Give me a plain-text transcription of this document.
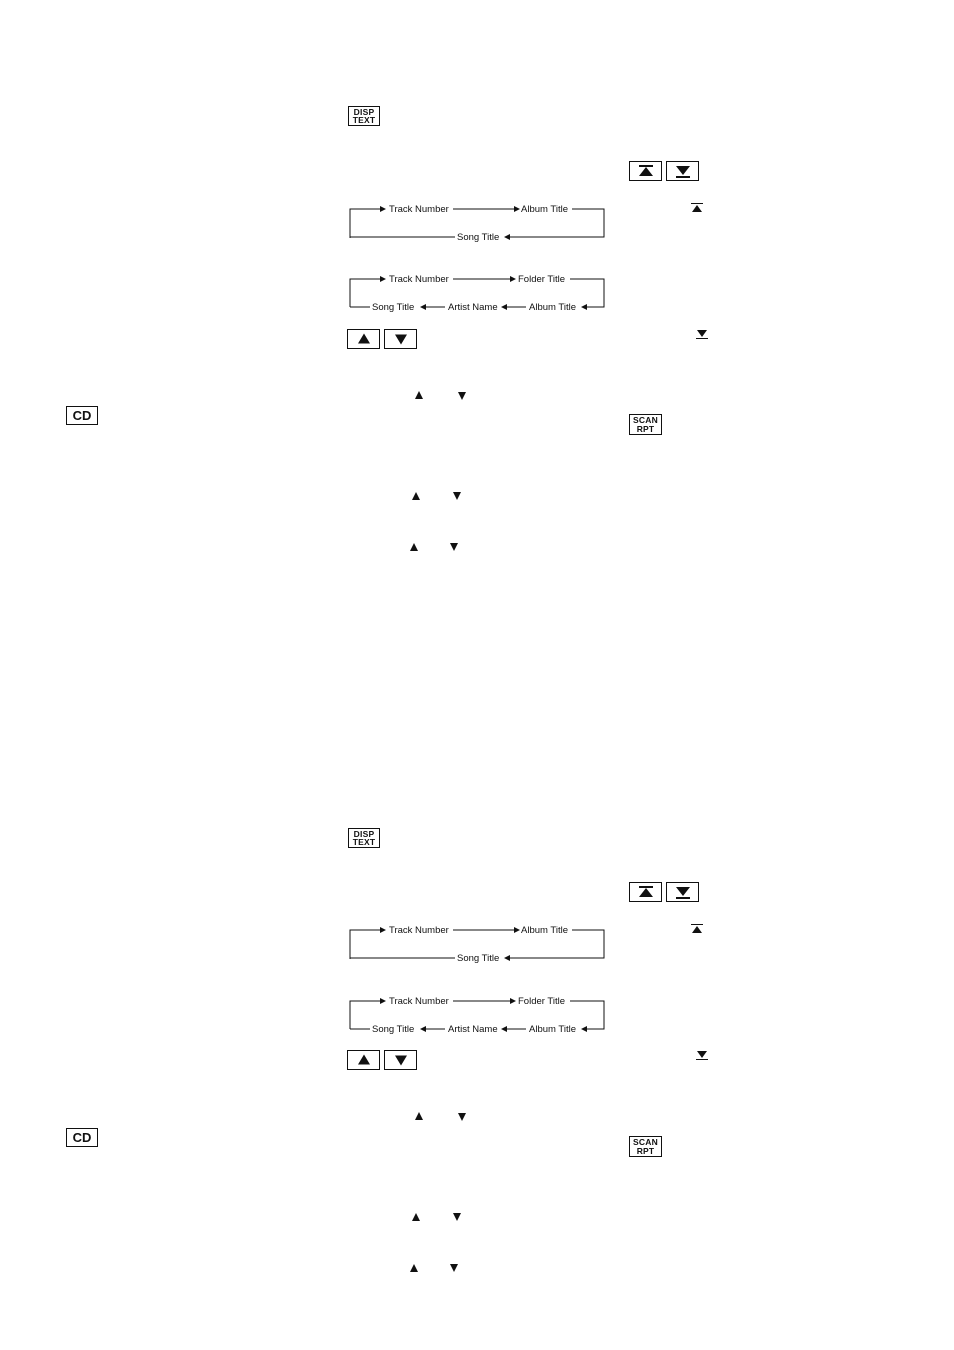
DISP
TEXT
Track Number	Album Title
Song Title
Track Number	Folder Title
Song Title	Artist Name	Album Title
CD	SCAN
RPT
DISP
TEXT
Track Number	Album Title
Song Title
Track Number	Folder Title
Song Title	Artist Name	Album Title
CD	SCAN
RPT
